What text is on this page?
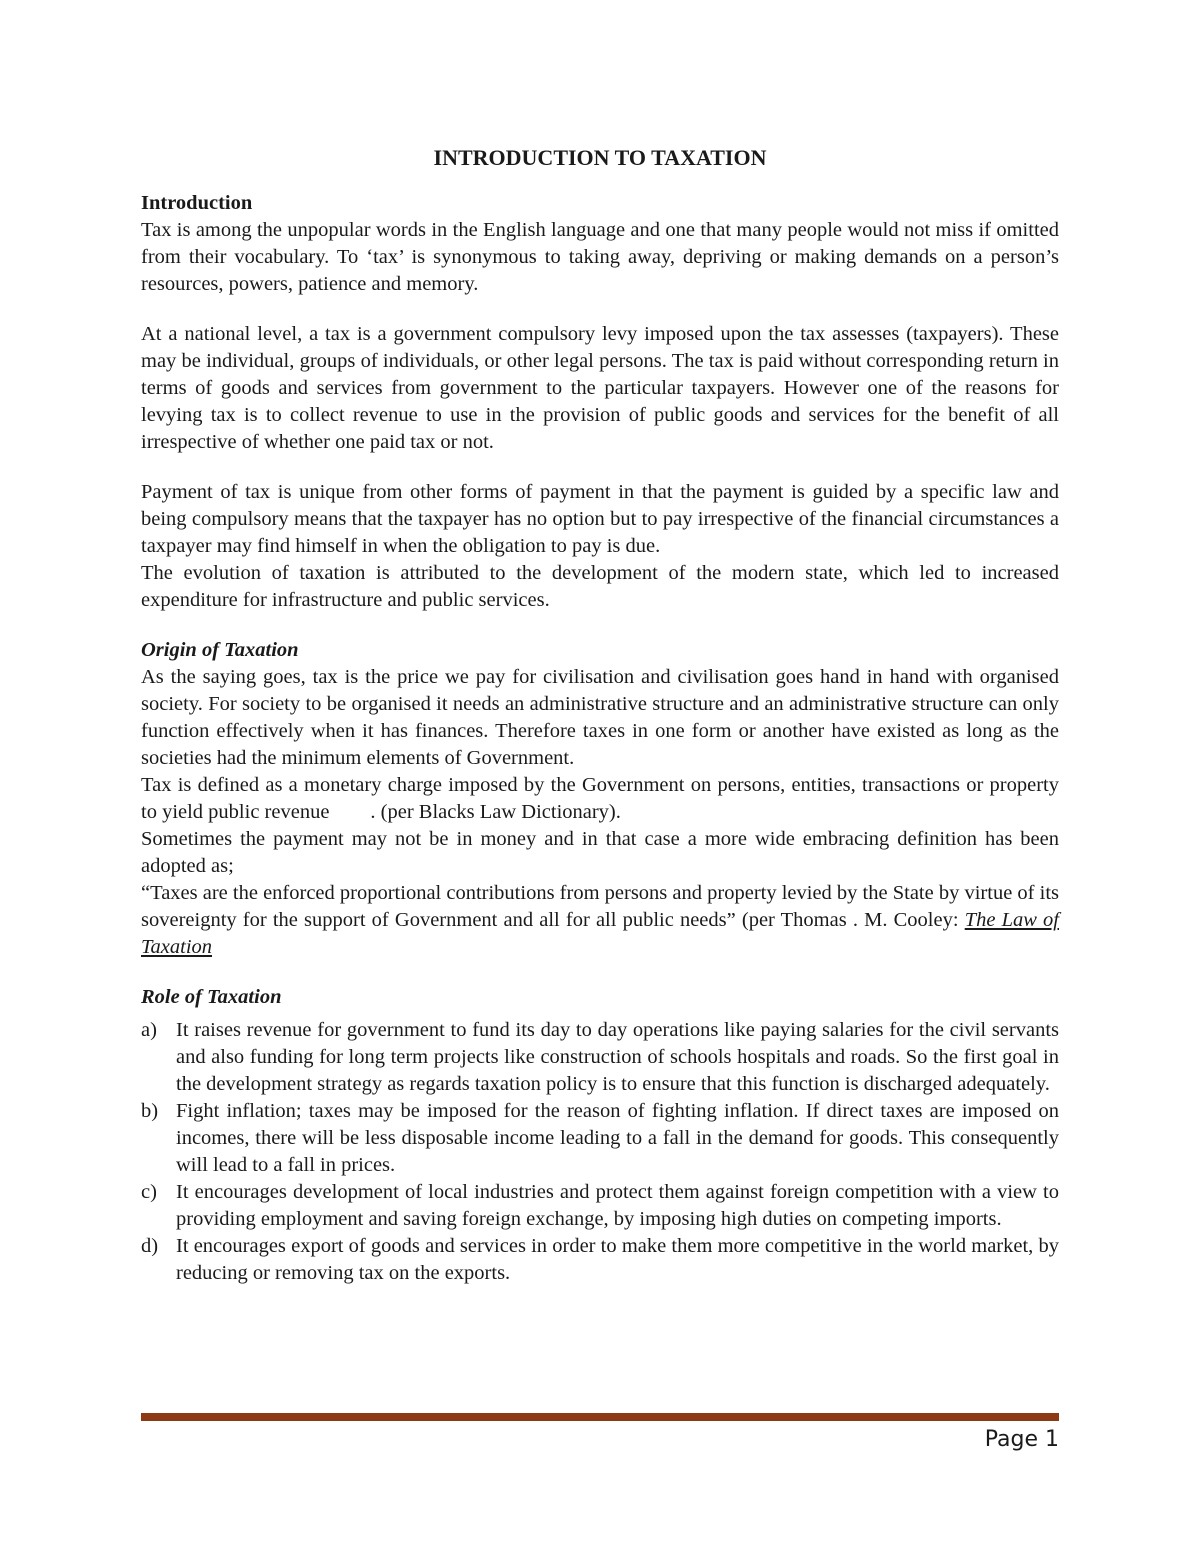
INTRODUCTION TO TAXATION

Introduction

Tax is among the unpopular words in the English language and one that many people would not miss if omitted from their vocabulary. To ‘tax’ is synonymous to taking away, depriving or making demands on a person’s resources, powers, patience and memory.

At a national level, a tax is a government compulsory levy imposed upon the tax assesses (taxpayers). These may be individual, groups of individuals, or other legal persons. The tax is paid without corresponding return in terms of goods and services from government to the particular taxpayers. However one of the reasons for levying tax is to collect revenue to use in the provision of public goods and services for the benefit of all irrespective of whether one paid tax or not.

Payment of tax is unique from other forms of payment in that the payment is guided by a specific law and being compulsory means that the taxpayer has no option but to pay irrespective of the financial circumstances a taxpayer may find himself in when the obligation to pay is due.

The evolution of taxation is attributed to the development of the modern state, which led to increased expenditure for infrastructure and public services.

Origin of Taxation

As the saying goes, tax is the price we pay for civilisation and civilisation goes hand in hand with organised society. For society to be organised it needs an administrative structure and an administrative structure can only function effectively when it has finances. Therefore taxes in one form or another have existed as long as the societies had the minimum elements of Government.

Tax is defined as a monetary charge imposed by the Government on persons, entities, transactions or property to yield public revenue  . (per Blacks Law Dictionary).

Sometimes the payment may not be in money and in that case a more wide embracing definition has been adopted as;

“Taxes are the enforced proportional contributions from persons and property levied by the State by virtue of its sovereignty for the support of Government and all for all public needs” (per Thomas . M. Cooley: The Law of Taxation

Role of Taxation

a) It raises revenue for government to fund its day to day operations like paying salaries for the civil servants and also funding for long term projects like construction of schools hospitals and roads. So the first goal in the development strategy as regards taxation policy is to ensure that this function is discharged adequately.
b) Fight inflation; taxes may be imposed for the reason of fighting inflation. If direct taxes are imposed on incomes, there will be less disposable income leading to a fall in the demand for goods. This consequently will lead to a fall in prices.
c) It encourages development of local industries and protect them against foreign competition with a view to providing employment and saving foreign exchange, by imposing high duties on competing imports.
d) It encourages export of goods and services in order to make them more competitive in the world market, by reducing or removing tax on the exports.
Page 1
